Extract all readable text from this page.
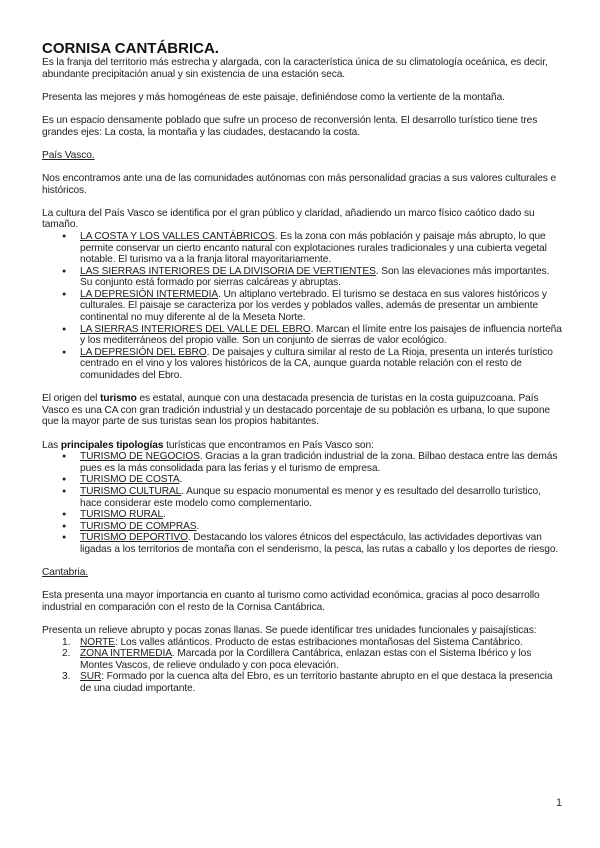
CORNISA CANTÁBRICA.

Es la franja del territorio más estrecha y alargada, con la característica única de su climatología oceánica, es decir, abundante precipitación anual y sin existencia de una estación seca.

Presenta las mejores y más homogéneas de este paisaje, definiéndose como la vertiente de la montaña.

Es un espacio densamente poblado que sufre un proceso de reconversión lenta. El desarrollo turístico tiene tres grandes ejes: La costa, la montaña y las ciudades, destacando la costa.

País Vasco.

Nos encontramos ante una de las comunidades autónomas con más personalidad gracias a sus valores culturales e históricos.

La cultura del País Vasco se identifica por el gran público y claridad, añadiendo un marco físico caótico dado su tamaño.

● LA COSTA Y LOS VALLES CANTÁBRICOS. Es la zona con más población y paisaje más abrupto, lo que permite conservar un cierto encanto natural con explotaciones rurales tradicionales y una cubierta vegetal notable. El turismo va a la franja litoral mayoritariamente.
● LAS SIERRAS INTERIORES DE LA DIVISORIA DE VERTIENTES. Son las elevaciones más importantes. Su conjunto está formado por sierras calcáreas y abruptas.
● LA DEPRESIÓN INTERMEDIA. Un altiplano vertebrado. El turismo se destaca en sus valores históricos y culturales. El paisaje se caracteriza por los verdes y poblados valles, además de presentar un ambiente continental no muy diferente al de la Meseta Norte.
● LA SIERRAS INTERIORES DEL VALLE DEL EBRO. Marcan el límite entre los paisajes de influencia norteña y los mediterráneos del propio valle. Son un conjunto de sierras de valor ecológico.
● LA DEPRESIÓN DEL EBRO. De paisajes y cultura similar al resto de La Rioja, presenta un interés turístico centrado en el vino y los valores históricos de la CA, aunque guarda notable relación con el resto de comunidades del Ebro.

El origen del turismo es estatal, aunque con una destacada presencia de turistas en la costa guipuzcoana. País Vasco es una CA con gran tradición industrial y un destacado porcentaje de su población es urbana, lo que supone que la mayor parte de sus turistas sean los propios habitantes.

Las principales tipologías turísticas que encontramos en País Vasco son:

● TURISMO DE NEGOCIOS. Gracias a la gran tradición industrial de la zona. Bilbao destaca entre las demás pues es la más consolidada para las ferias y el turismo de empresa.
● TURISMO DE COSTA.
● TURISMO CULTURAL. Aunque su espacio monumental es menor y es resultado del desarrollo turístico, hace considerar este modelo como complementario.
● TURISMO RURAL.
● TURISMO DE COMPRAS.
● TURISMO DEPORTIVO. Destacando los valores étnicos del espectáculo, las actividades deportivas van ligadas a los territorios de montaña con el senderismo, la pesca, las rutas a caballo y los deportes de riesgo.

Cantabria.

Esta presenta una mayor importancia en cuanto al turismo como actividad económica, gracias al poco desarrollo industrial en comparación con el resto de la Cornisa Cantábrica.

Presenta un relieve abrupto y pocas zonas llanas. Se puede identificar tres unidades funcionales y paisajísticas:

1. NORTE: Los valles atlánticos. Producto de estas estribaciones montañosas del Sistema Cantábrico.
2. ZONA INTERMEDIA. Marcada por la Cordillera Cantábrica, enlazan estas con el Sistema Ibérico y los Montes Vascos, de relieve ondulado y con poca elevación.
3. SUR: Formado por la cuenca alta del Ebro, es un territorio bastante abrupto en el que destaca la presencia de una ciudad importante.
1
